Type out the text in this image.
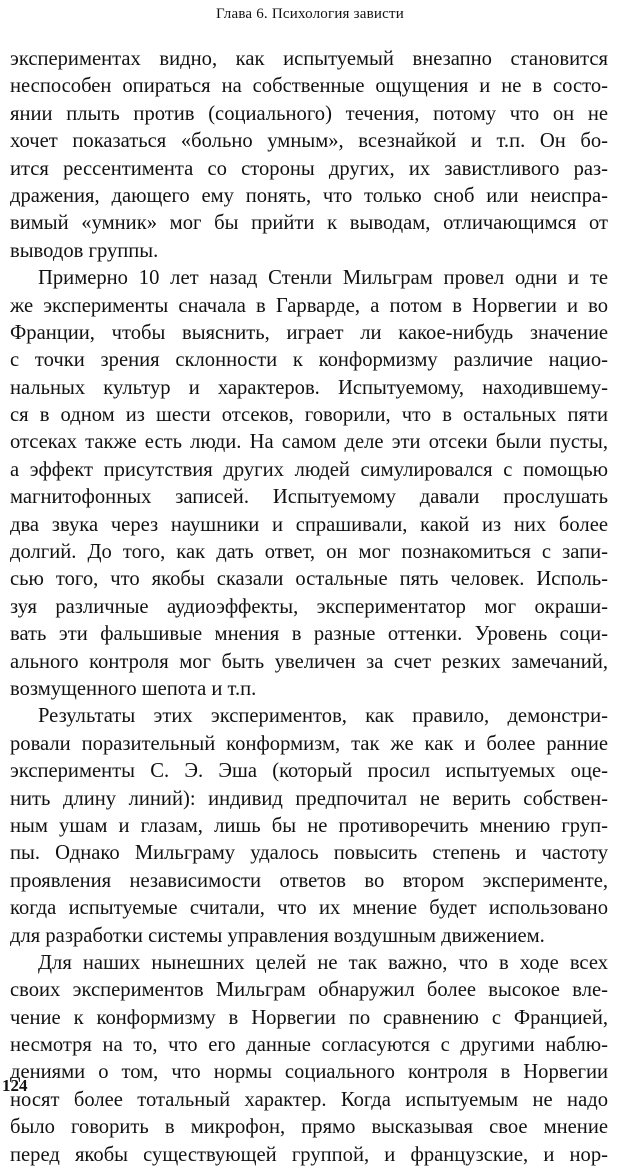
Глава 6. Психология зависти
экспериментах видно, как испытуемый внезапно становится
неспособен опираться на собственные ощущения и не в состо-
янии плыть против (социального) течения, потому что он не
хочет показаться «больно умным», всезнайкой и т.п. Он бо-
ится рессентимента со стороны других, их завистливого раз-
дражения, дающего ему понять, что только сноб или неиспра-
вимый «умник» мог бы прийти к выводам, отличающимся от
выводов группы.
Примерно 10 лет назад Стенли Мильграм провел одни и те
же эксперименты сначала в Гарварде, а потом в Норвегии и во
Франции, чтобы выяснить, играет ли какое-нибудь значение
с точки зрения склонности к конформизму различие нацио-
нальных культур и характеров. Испытуемому, находившему-
ся в одном из шести отсеков, говорили, что в остальных пяти
отсеках также есть люди. На самом деле эти отсеки были пусты,
а эффект присутствия других людей симулировался с помощью
магнитофонных записей. Испытуемому давали прослушать
два звука через наушники и спрашивали, какой из них более
долгий. До того, как дать ответ, он мог познакомиться с запи-
сью того, что якобы сказали остальные пять человек. Исполь-
зуя различные аудиоэффекты, экспериментатор мог окраши-
вать эти фальшивые мнения в разные оттенки. Уровень соци-
ального контроля мог быть увеличен за счет резких замечаний,
возмущенного шепота и т.п.
Результаты этих экспериментов, как правило, демонстри-
ровали поразительный конформизм, так же как и более ранние
эксперименты С. Э. Эша (который просил испытуемых оце-
нить длину линий): индивид предпочитал не верить собствен-
ным ушам и глазам, лишь бы не противоречить мнению груп-
пы. Однако Мильграму удалось повысить степень и частоту
проявления независимости ответов во втором эксперименте,
когда испытуемые считали, что их мнение будет использовано
для разработки системы управления воздушным движением.
Для наших нынешних целей не так важно, что в ходе всех
своих экспериментов Мильграм обнаружил более высокое вле-
чение к конформизму в Норвегии по сравнению с Францией,
несмотря на то, что его данные согласуются с другими наблю-
дениями о том, что нормы социального контроля в Норвегии
носят более тотальный характер. Когда испытуемым не надо
было говорить в микрофон, прямо высказывая свое мнение
перед якобы существующей группой, и французские, и нор-
124
